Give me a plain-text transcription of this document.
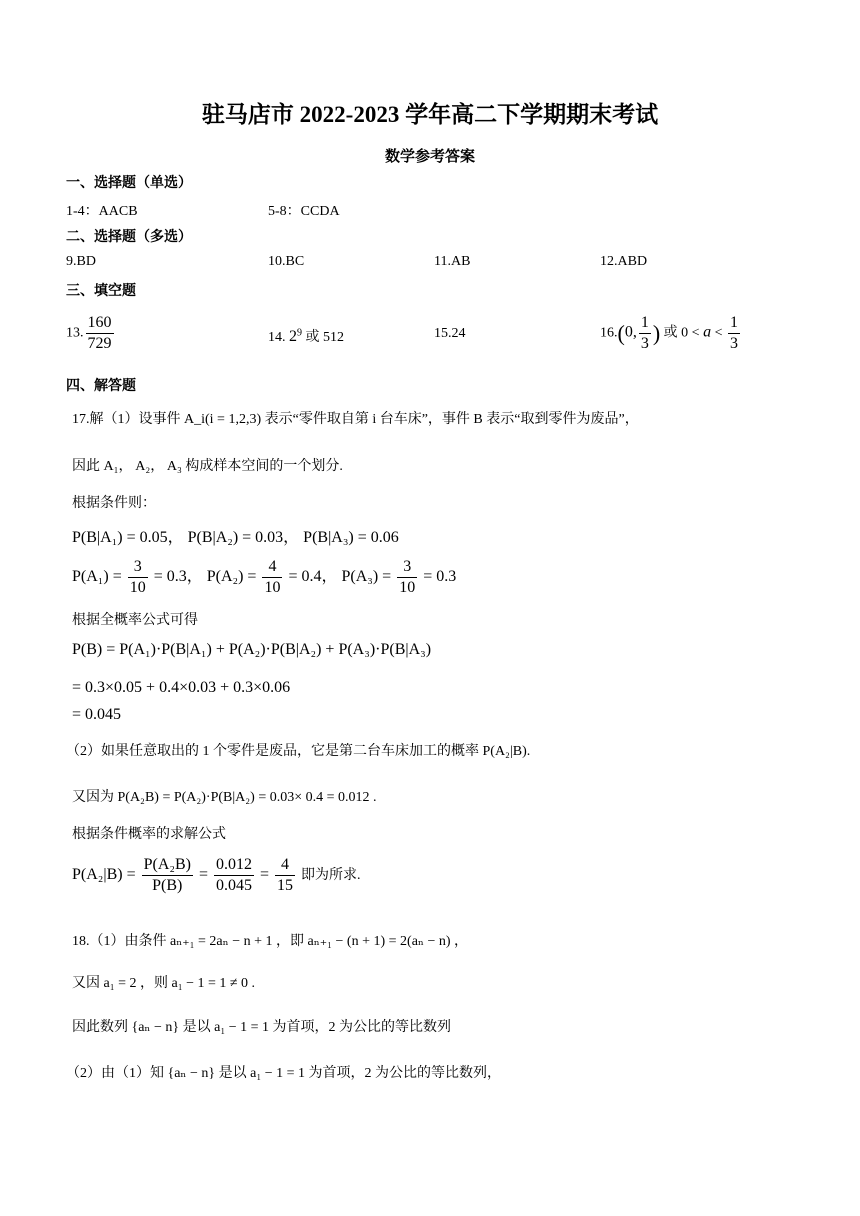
驻马店市 2022-2023 学年高二下学期期末考试
数学参考答案
一、选择题（单选）
1-4：AACB	5-8：CCDA
二、选择题（多选）
9.BD	10.BC	11.AB	12.ABD
三、填空题
13. $\frac{160}{729}$	14. $2^9$ 或 512	15.24	16.(0, $\frac{1}{3}$ ) 或 $0 < a < \frac{1}{3}$
四、解答题
17.解（1）设事件 A_i(i = 1,2,3) 表示“零件取自第 i 台车床”，事件 B 表示“取到零件为废品”，
因此 A₁， A₂， A₃ 构成样本空间的一个划分.
根据条件则：
P(B|A₁) = 0.05， P(B|A₂) = 0.03， P(B|A₃) = 0.06
$P(A_1) = \frac{3}{10} = 0.3$， $P(A_2) = \frac{4}{10} = 0.4$， $P(A_3) = \frac{3}{10} = 0.3$
根据全概率公式可得
P(B) = P(A₁)·P(B|A₁) + P(A₂)·P(B|A₂) + P(A₃)·P(B|A₃)
= 0.3×0.05 + 0.4×0.03 + 0.3×0.06
= 0.045
（2）如果任意取出的 1 个零件是废品，它是第二台车床加工的概率 P(A₂|B).
又因为 P(A₂B) = P(A₂)·P(B|A₂) = 0.03× 0.4 = 0.012 .
根据条件概率的求解公式
$P(A_2|B) = \frac{\text{P(A₂B)}}{P(B)} = \frac{0.012}{0.045} = \frac{4}{15}$ 即为所求.
18.（1）由条件 aₙ₊₁ = 2aₙ − n + 1 ，即 aₙ₊₁ − (n + 1) = 2(aₙ − n) ，
又因 a₁ = 2 ，则 a₁ − 1 = 1 ≠ 0 .
因此数列 {aₙ − n} 是以 a₁ − 1 = 1 为首项，2 为公比的等比数列
（2）由（1）知 {aₙ − n} 是以 a₁ − 1 = 1 为首项，2 为公比的等比数列，
